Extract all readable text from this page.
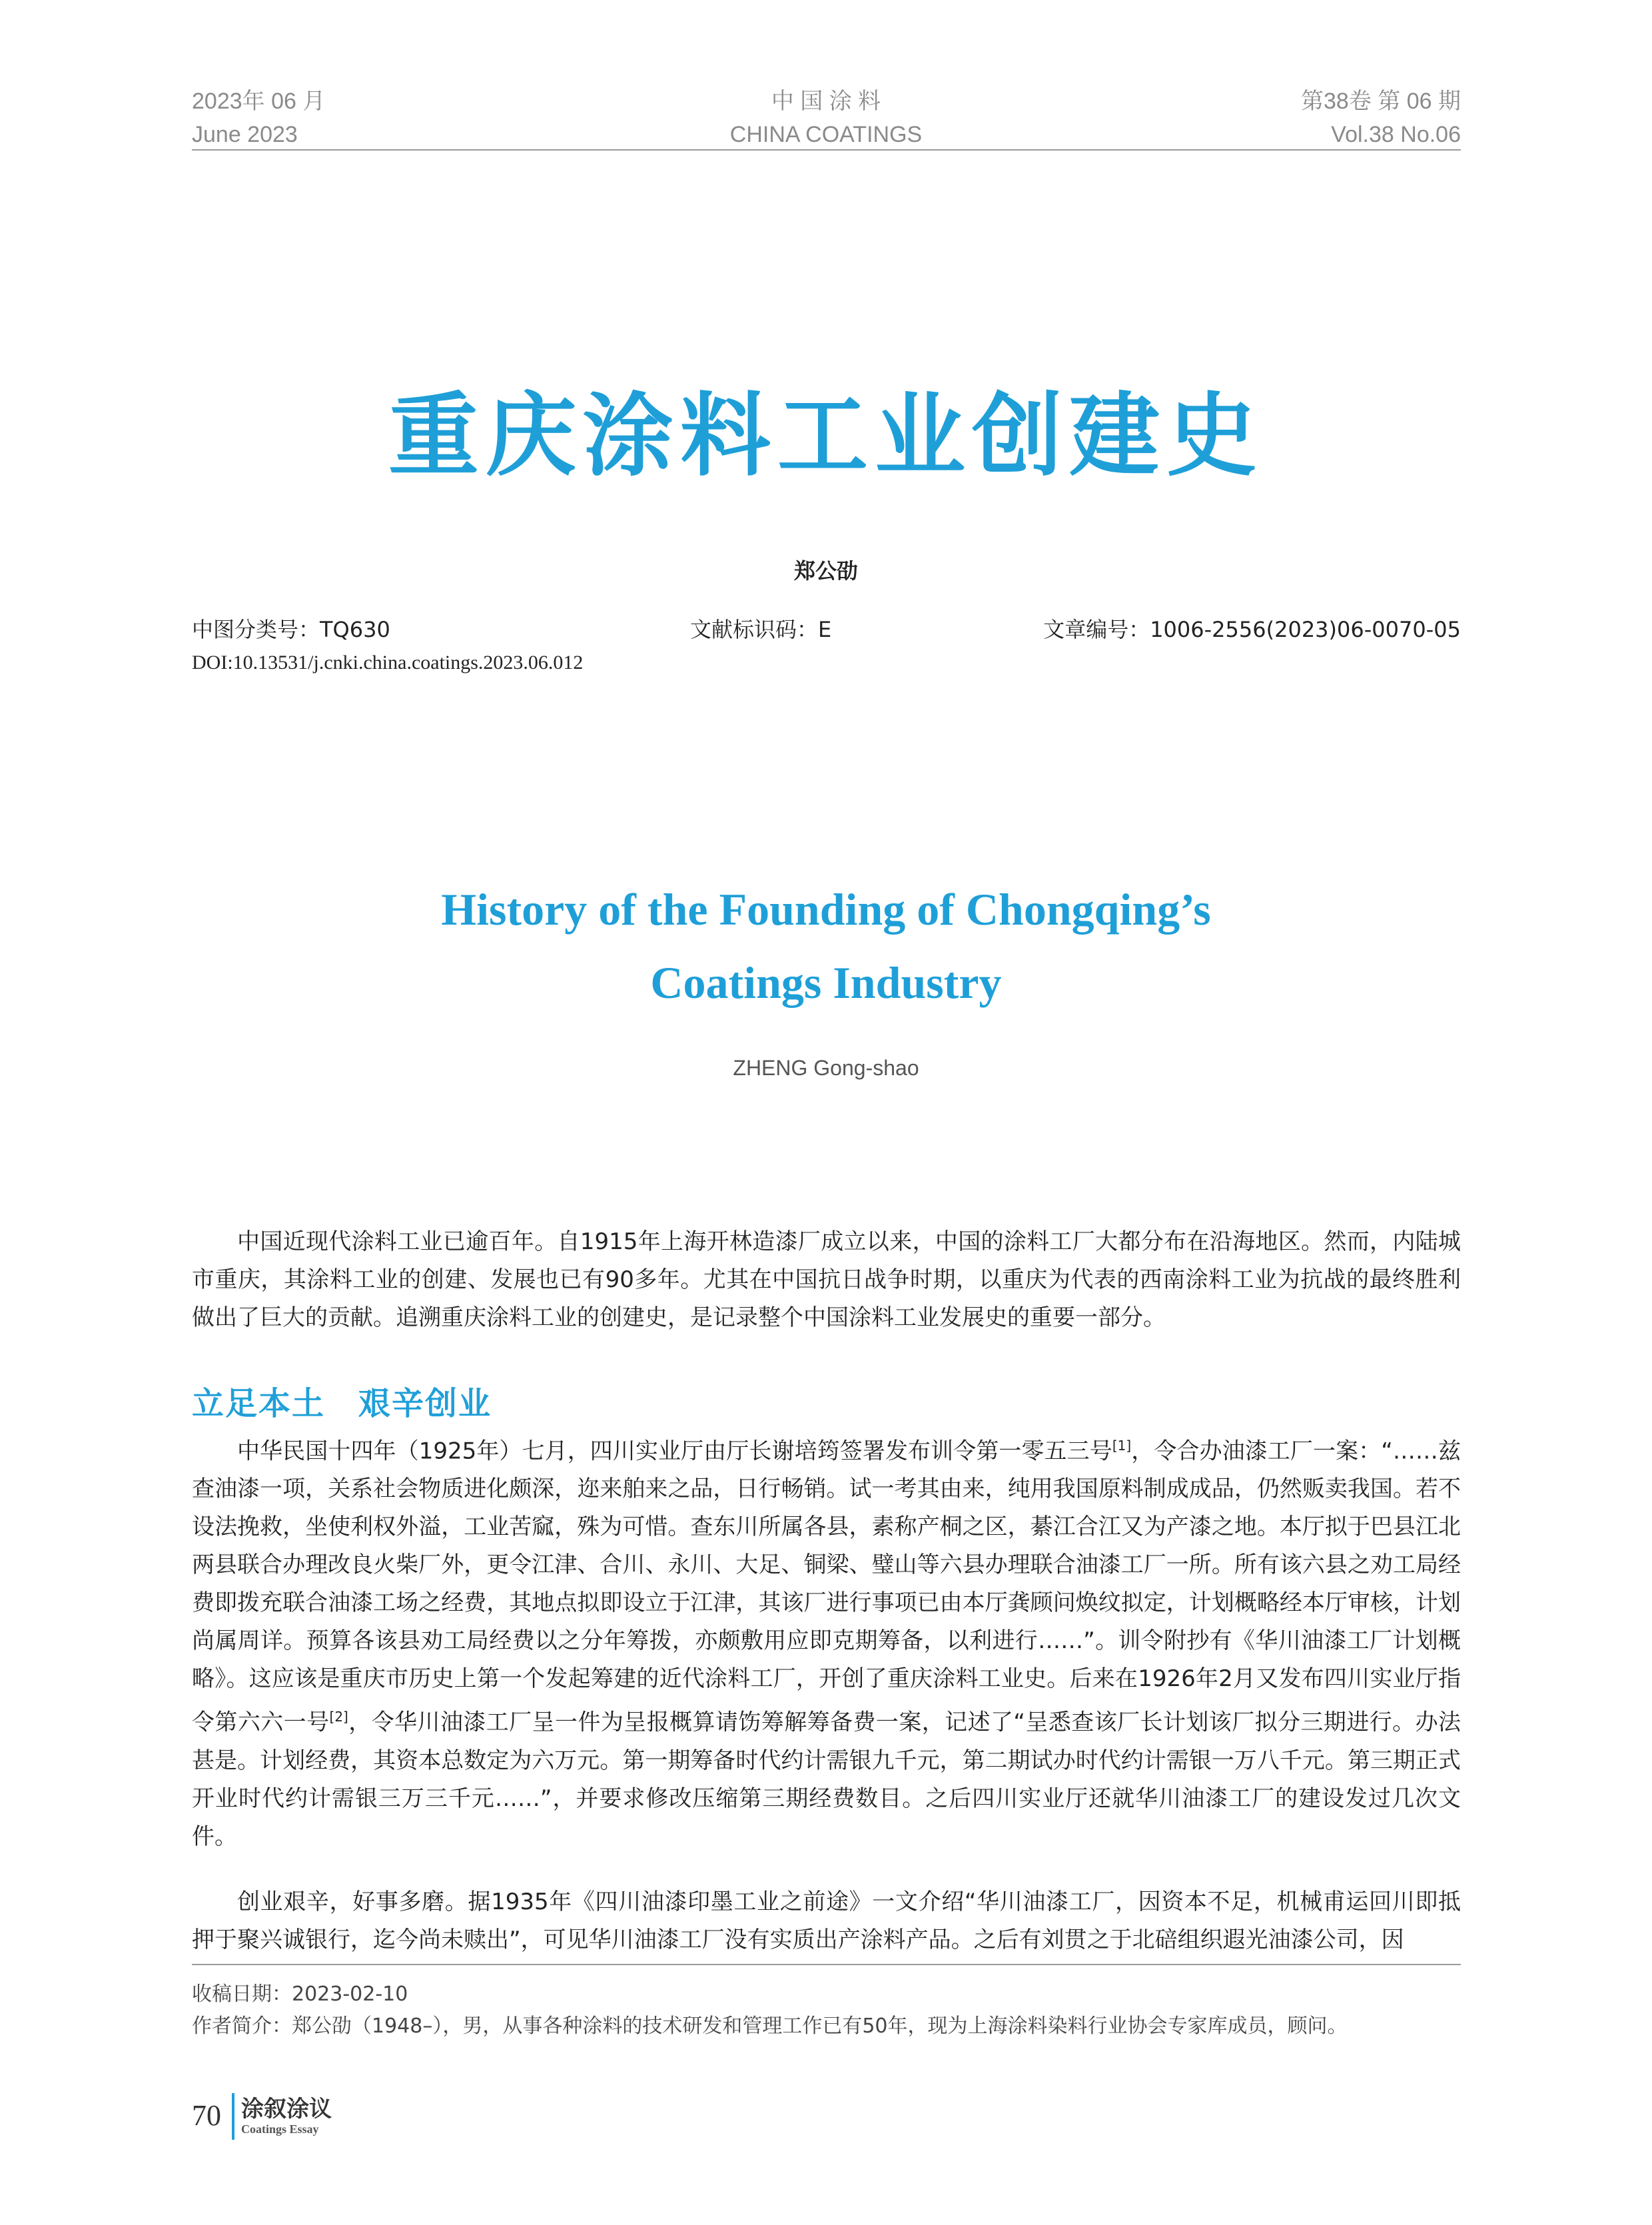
2023年 06 月
June 2023
中 国 涂 料
CHINA COATINGS
第38卷 第 06 期
Vol.38 No.06
重庆涂料工业创建史
郑公劭
中图分类号：TQ630	文献标识码：E	文章编号：1006-2556(2023)06-0070-05
DOI:10.13531/j.cnki.china.coatings.2023.06.012
History of the Founding of Chongqing’s
Coatings Industry
ZHENG Gong-shao
中国近现代涂料工业已逾百年。自1915年上海开林造漆厂成立以来，中国的涂料工厂大都分布在沿海地区。然而，内陆城市重庆，其涂料工业的创建、发展也已有90多年。尤其在中国抗日战争时期，以重庆为代表的西南涂料工业为抗战的最终胜利做出了巨大的贡献。追溯重庆涂料工业的创建史，是记录整个中国涂料工业发展史的重要一部分。
立足本土　艰辛创业
中华民国十四年（1925年）七月，四川实业厅由厅长谢培筠签署发布训令第一零五三号[1]，令合办油漆工厂一案：“……兹查油漆一项，关系社会物质进化颇深，迩来舶来之品，日行畅销。试一考其由来，纯用我国原料制成成品，仍然贩卖我国。若不设法挽救，坐使利权外溢，工业苦窳，殊为可惜。查东川所属各县，素称产桐之区，綦江合江又为产漆之地。本厅拟于巴县江北两县联合办理改良火柴厂外，更令江津、合川、永川、大足、铜梁、璧山等六县办理联合油漆工厂一所。所有该六县之劝工局经费即拨充联合油漆工场之经费，其地点拟即设立于江津，其该厂进行事项已由本厅龚顾问焕纹拟定，计划概略经本厅审核，计划尚属周详。预算各该县劝工局经费以之分年筹拨，亦颇敷用应即克期筹备，以利进行……”。训令附抄有《华川油漆工厂计划概略》。这应该是重庆市历史上第一个发起筹建的近代涂料工厂，开创了重庆涂料工业史。后来在1926年2月又发布四川实业厅指令第六六一号[2]，令华川油漆工厂呈一件为呈报概算请饬筹解筹备费一案，记述了“呈悉查该厂长计划该厂拟分三期进行。办法甚是。计划经费，其资本总数定为六万元。第一期筹备时代约计需银九千元，第二期试办时代约计需银一万八千元。第三期正式开业时代约计需银三万三千元……”，并要求修改压缩第三期经费数目。之后四川实业厅还就华川油漆工厂的建设发过几次文件。
创业艰辛，好事多磨。据1935年《四川油漆印墨工业之前途》一文介绍“华川油漆工厂，因资本不足，机械甫运回川即抵押于聚兴诚银行，迄今尚未赎出”，可见华川油漆工厂没有实质出产涂料产品。之后有刘贯之于北碚组织遐光油漆公司，因
收稿日期：2023-02-10
作者简介：郑公劭（1948–），男，从事各种涂料的技术研发和管理工作已有50年，现为上海涂料染料行业协会专家库成员，顾问。
70 涂叙涂议
Coatings Essay
